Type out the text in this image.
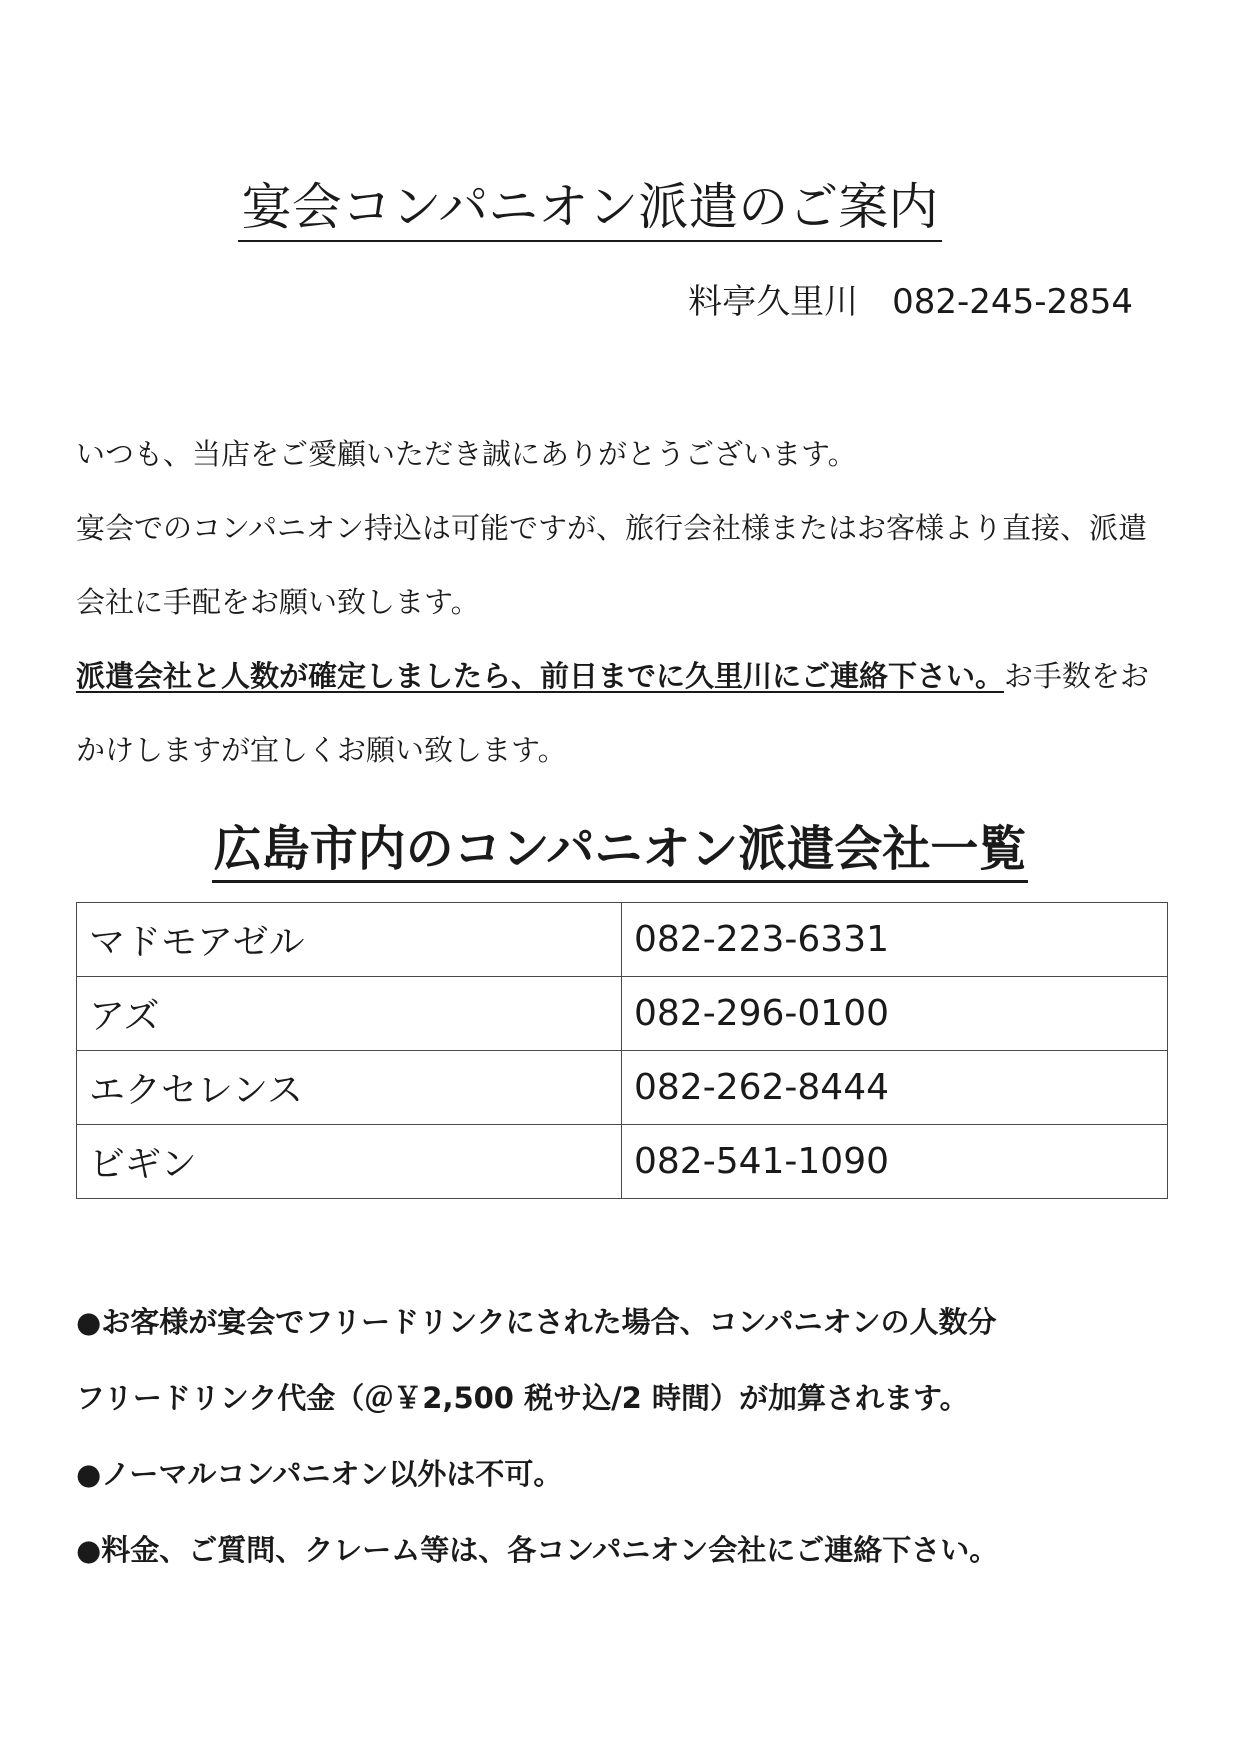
宴会コンパニオン派遣のご案内
料亭久里川　082-245-2854

いつも、当店をご愛顧いただき誠にありがとうございます。

宴会でのコンパニオン持込は可能ですが、旅行会社様またはお客様より直接、派遣

会社に手配をお願い致します。

派遣会社と人数が確定しましたら、前日までに久里川にご連絡下さい。お手数をお

かけしますが宜しくお願い致します。

広島市内のコンパニオン派遣会社一覧
マドモアゼル	082-223-6331
アズ	082-296-0100
エクセレンス	082-262-8444
ビギン	082-541-1090

●お客様が宴会でフリードリンクにされた場合、コンパニオンの人数分

フリードリンク代金（＠￥2,500 税サ込/2 時間）が加算されます。

●ノーマルコンパニオン以外は不可。

●料金、ご質問、クレーム等は、各コンパニオン会社にご連絡下さい。
